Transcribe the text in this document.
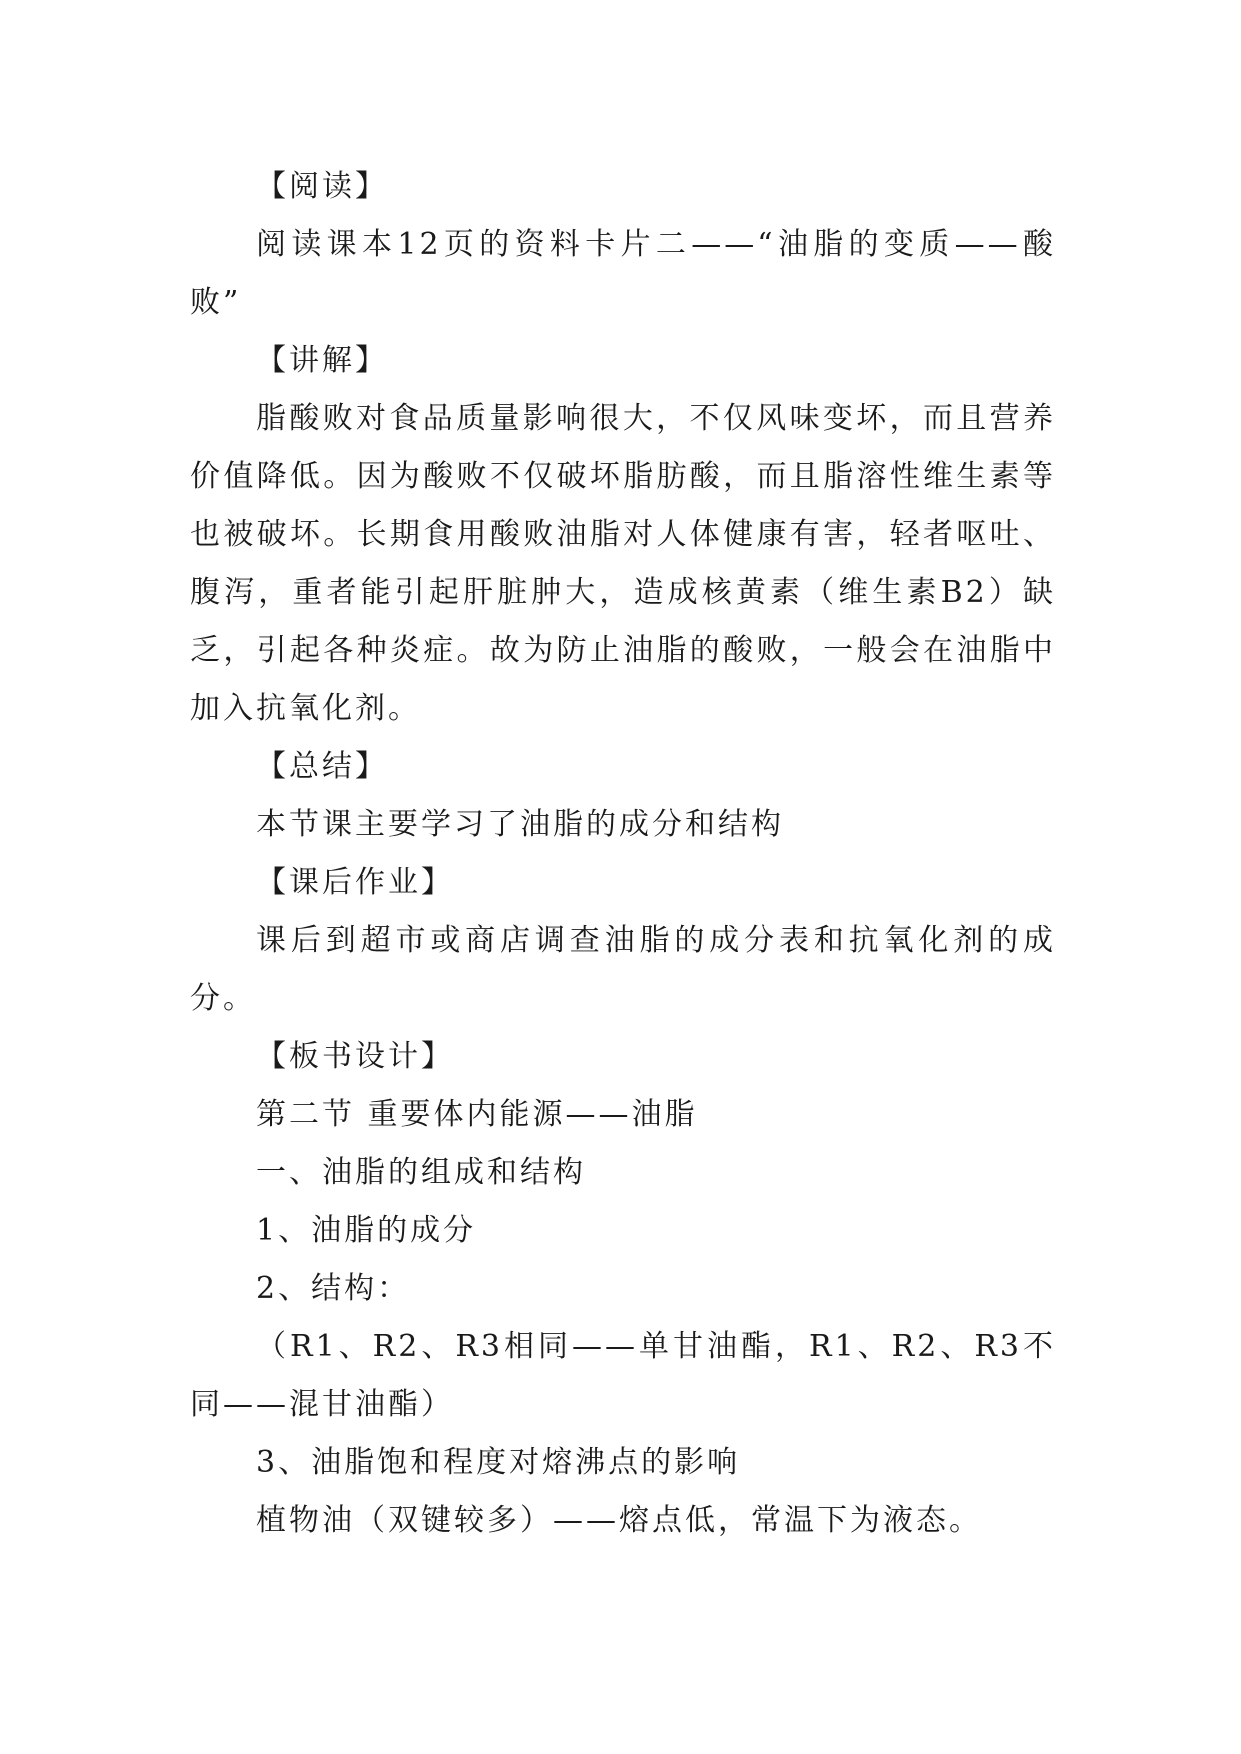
【阅读】

阅读课本12页的资料卡片二——“油脂的变质——酸败”

【讲解】

脂酸败对食品质量影响很大，不仅风味变坏，而且营养价值降低。因为酸败不仅破坏脂肪酸，而且脂溶性维生素等也被破坏。长期食用酸败油脂对人体健康有害，轻者呕吐、腹泻，重者能引起肝脏肿大，造成核黄素（维生素B2）缺乏，引起各种炎症。故为防止油脂的酸败，一般会在油脂中加入抗氧化剂。

【总结】

本节课主要学习了油脂的成分和结构

【课后作业】

课后到超市或商店调查油脂的成分表和抗氧化剂的成分。

【板书设计】

第二节 重要体内能源——油脂

一、油脂的组成和结构

1、油脂的成分

2、结构：

（R1、R2、R3相同——单甘油酯，R1、R2、R3不同——混甘油酯）

3、油脂饱和程度对熔沸点的影响

植物油（双键较多）——熔点低，常温下为液态。
